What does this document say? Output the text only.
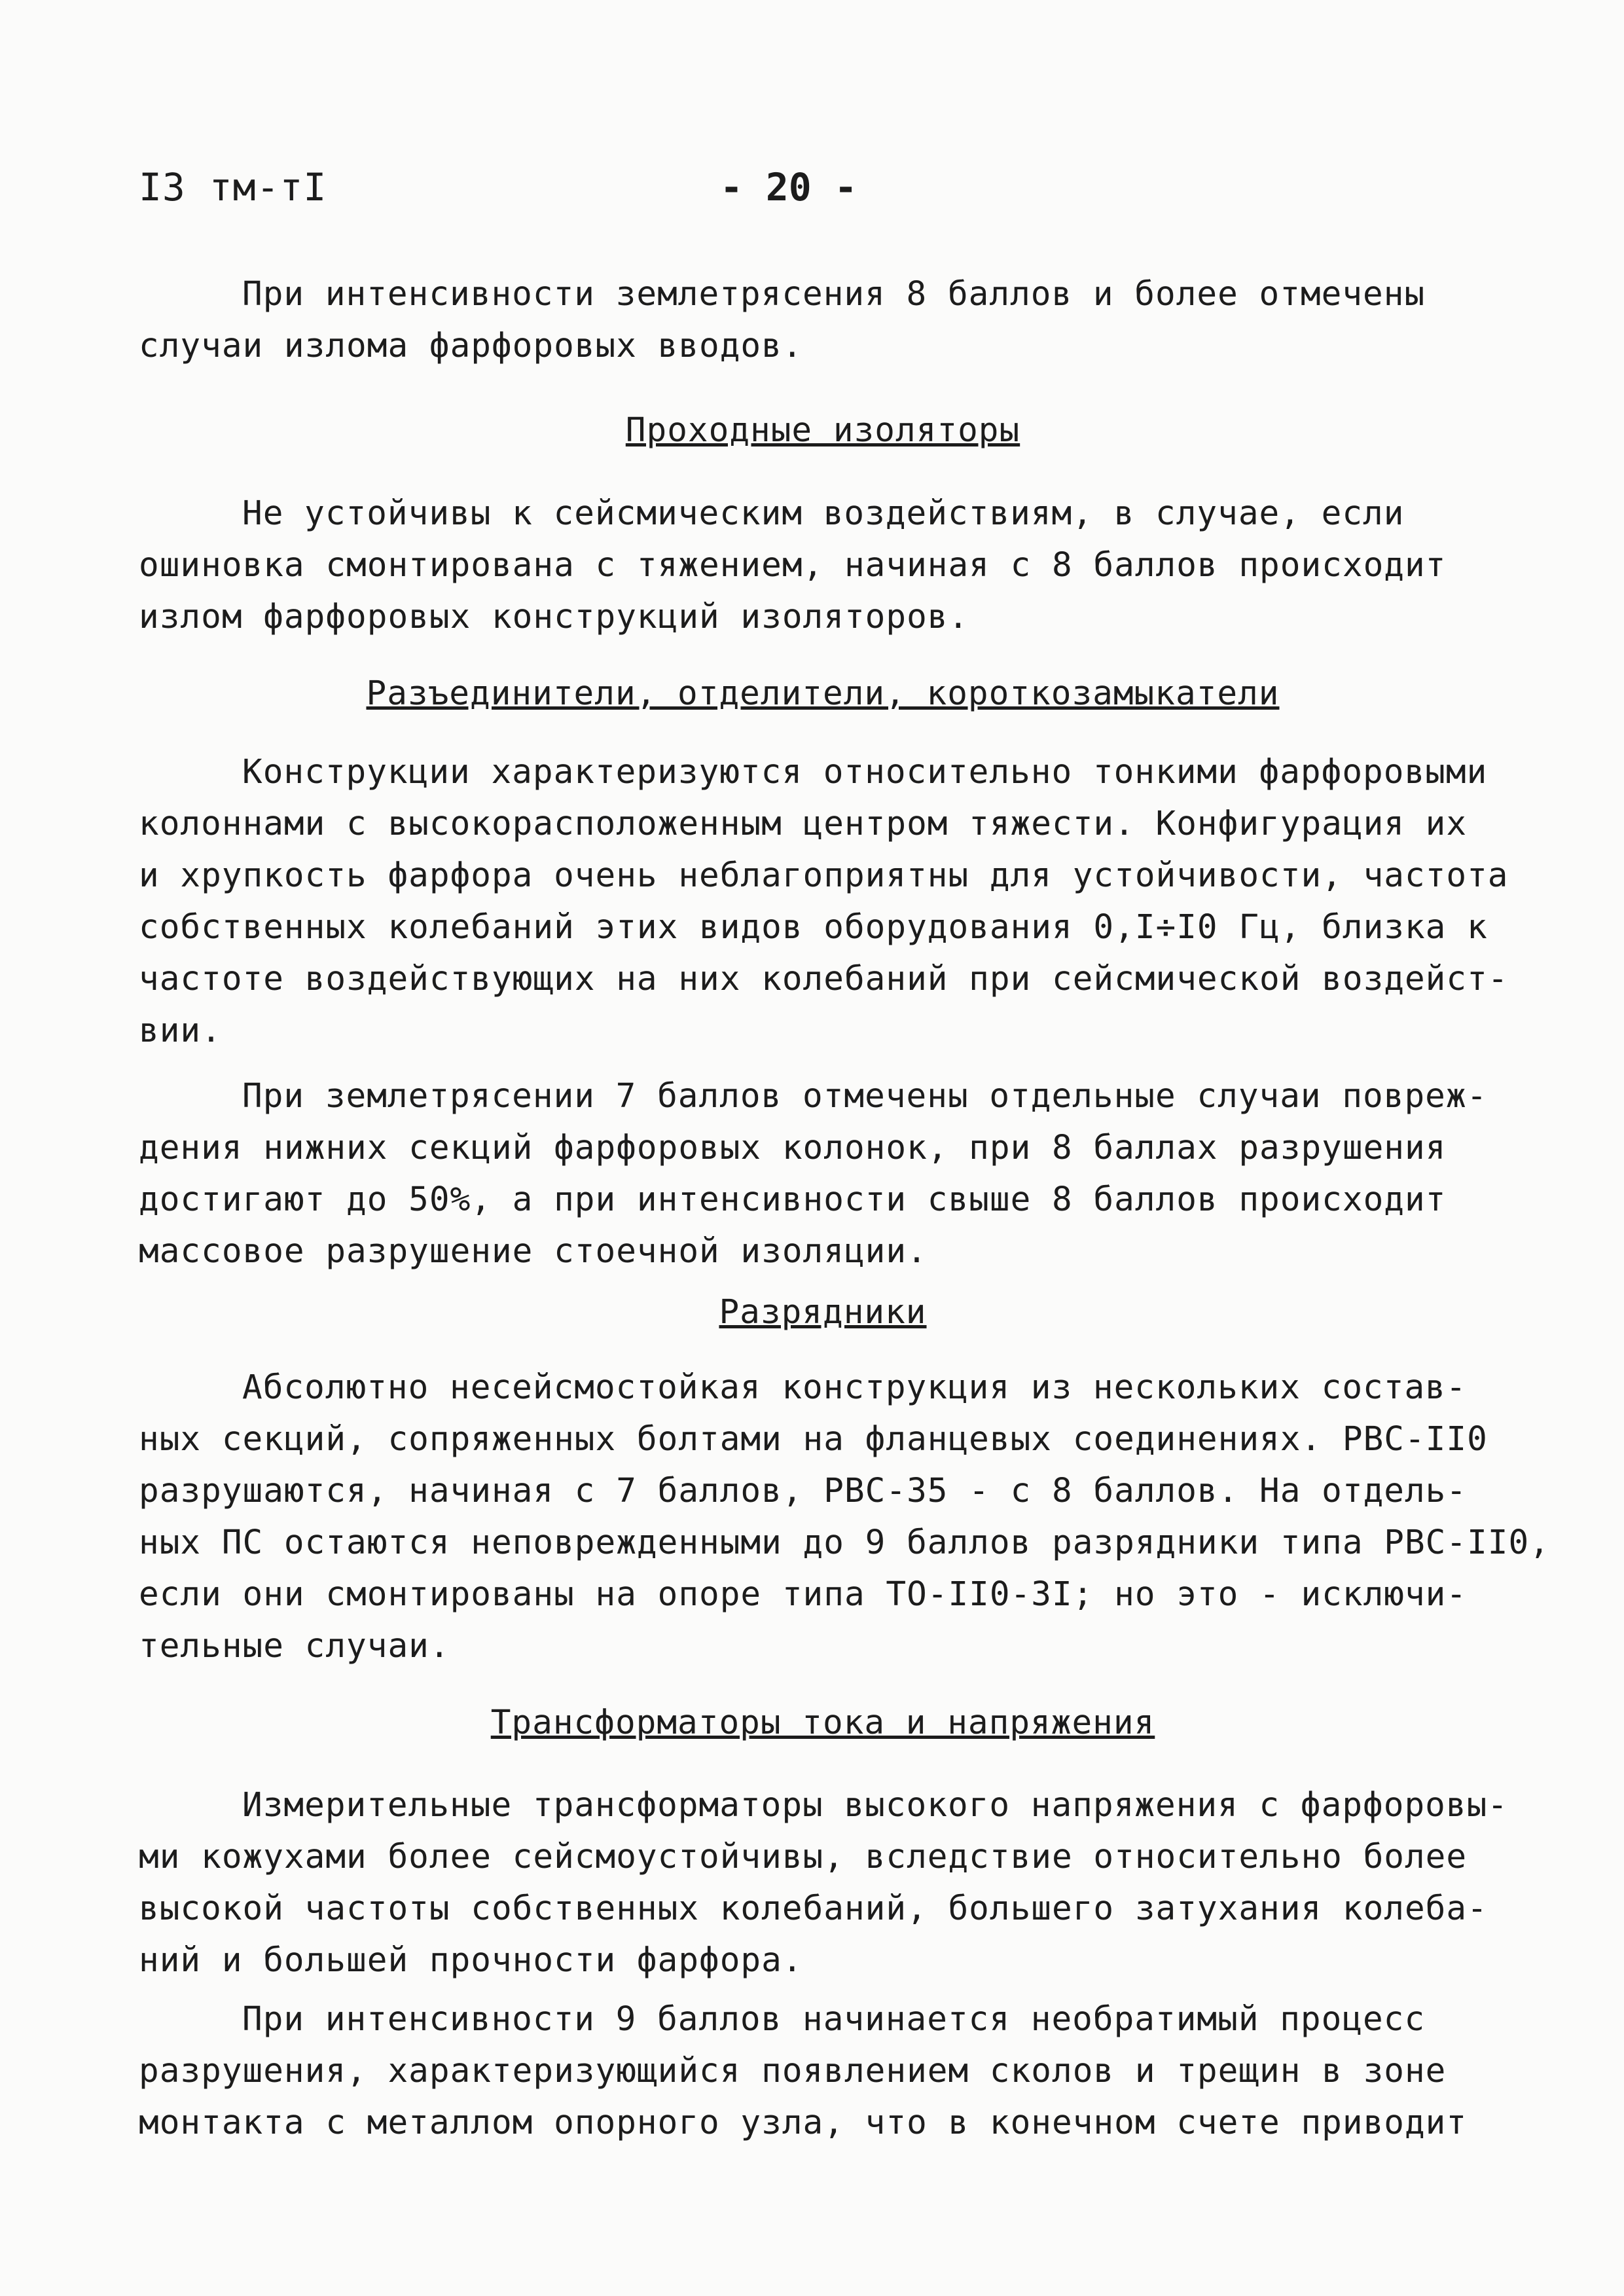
I3 тм-тI	- 20 -
При интенсивности землетрясения 8 баллов и более отмечены
случаи излома фарфоровых вводов.
Проходные изоляторы
Не устойчивы к сейсмическим воздействиям, в случае, если
ошиновка смонтирована с тяжением, начиная с 8 баллов происходит
излом фарфоровых конструкций изоляторов.
Разъединители, отделители, короткозамыкатели
Конструкции характеризуются относительно тонкими фарфоровыми
колоннами с высокорасположенным центром тяжести. Конфигурация их
и хрупкость фарфора очень неблагоприятны для устойчивости, частота
собственных колебаний этих видов оборудования 0,I÷I0 Гц, близка к
частоте воздействующих на них колебаний при сейсмической воздейст-
вии.
При землетрясении 7 баллов отмечены отдельные случаи повреж-
дения нижних секций фарфоровых колонок, при 8 баллах разрушения
достигают до 50%, а при интенсивности свыше 8 баллов происходит
массовое разрушение стоечной изоляции.
Разрядники
Абсолютно несейсмостойкая конструкция из нескольких состав-
ных секций, сопряженных болтами на фланцевых соединениях. РВС-II0
разрушаются, начиная с 7 баллов, РВС-35 - с 8 баллов. На отдель-
ных ПС остаются неповрежденными до 9 баллов разрядники типа РВС-II0,
если они смонтированы на опоре типа ТО-II0-3I; но это - исключи-
тельные случаи.
Трансформаторы тока и напряжения
Измерительные трансформаторы высокого напряжения с фарфоровы-
ми кожухами более сейсмоустойчивы, вследствие относительно более
высокой частоты собственных колебаний, большего затухания колеба-
ний и большей прочности фарфора.
При интенсивности 9 баллов начинается необратимый процесс
разрушения, характеризующийся появлением сколов и трещин в зоне
монтакта с металлом опорного узла, что в конечном счете приводит
